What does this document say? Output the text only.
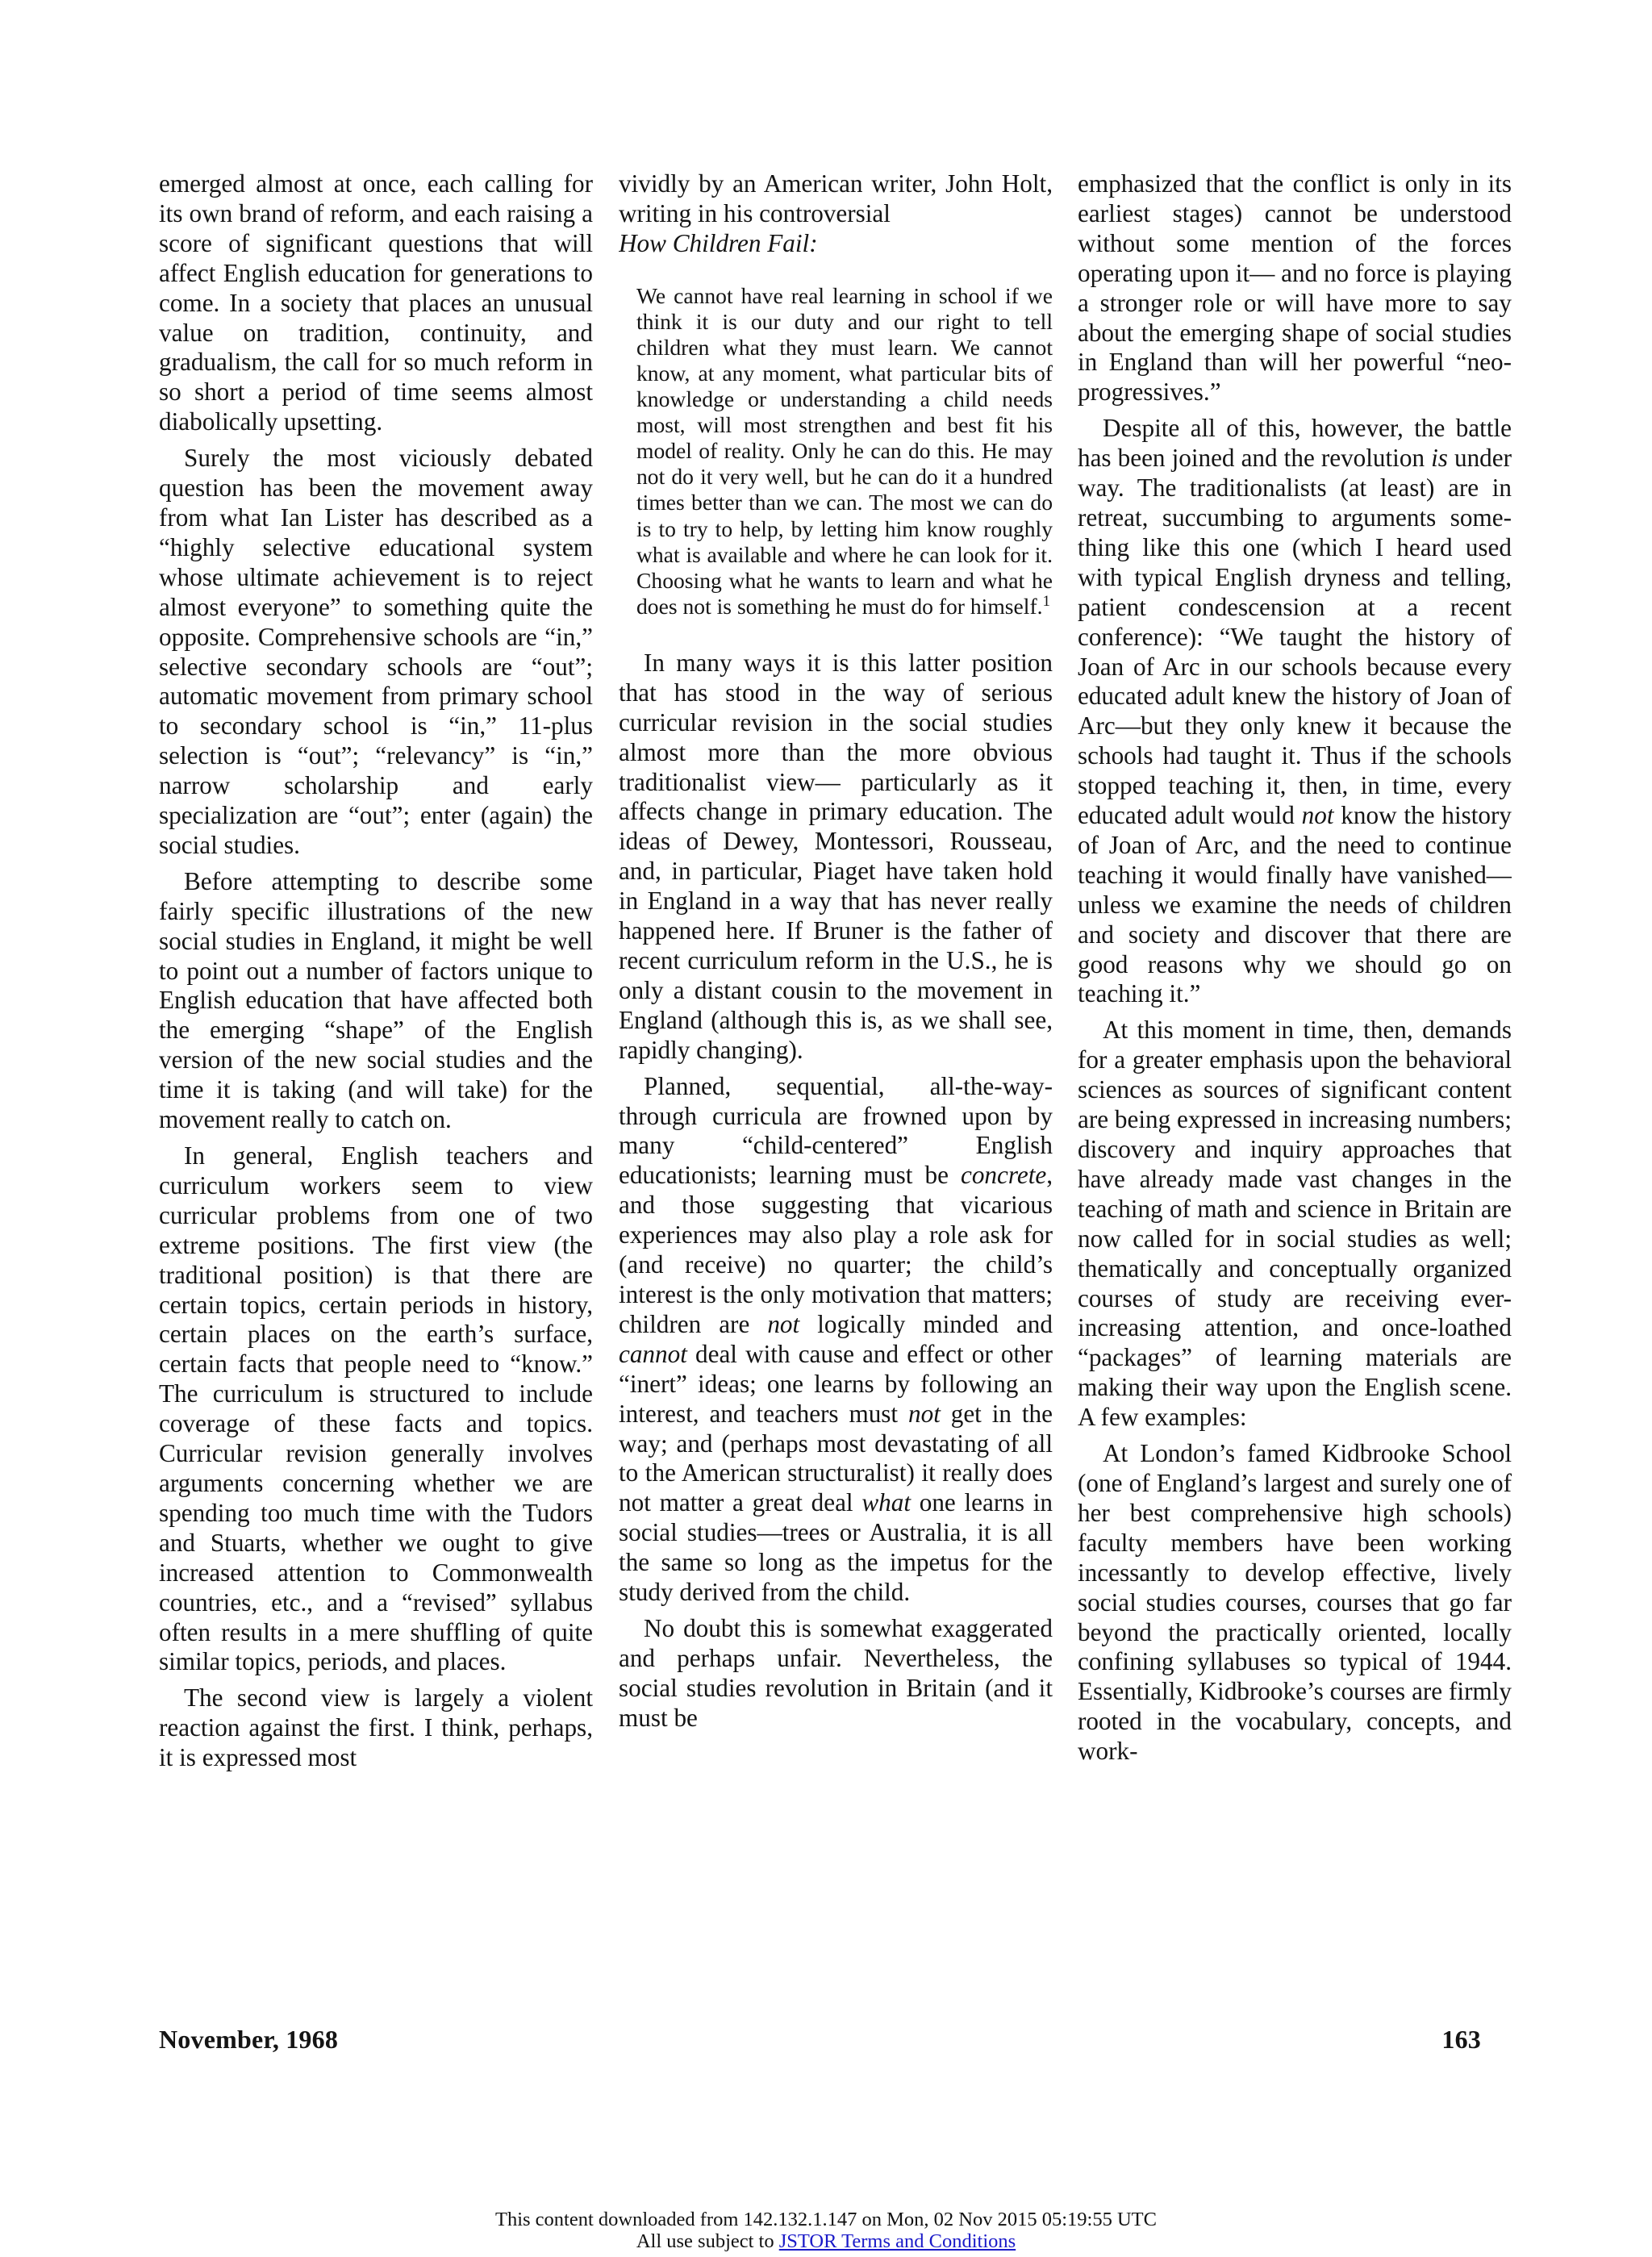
emerged almost at once, each calling for its own brand of reform, and each raising a score of significant questions that will affect English education for generations to come. In a society that places an unusual value on tradition, continuity, and gradualism, the call for so much reform in so short a period of time seems almost diabolically upsetting.

Surely the most viciously debated question has been the movement away from what Ian Lister has described as a “highly selective educational system whose ultimate achievement is to reject almost everyone” to something quite the opposite. Comprehensive schools are “in,” selective secondary schools are “out”; automatic movement from primary school to secondary school is “in,” 11-plus selection is “out”; “relevancy” is “in,” narrow scholarship and early specialization are “out”; enter (again) the social studies.

Before attempting to describe some fairly specific illustrations of the new social studies in England, it might be well to point out a number of factors unique to English education that have affected both the emerging “shape” of the English version of the new social studies and the time it is taking (and will take) for the movement really to catch on.

In general, English teachers and curriculum workers seem to view curricular problems from one of two extreme positions. The first view (the traditional position) is that there are certain topics, certain periods in history, certain places on the earth’s surface, certain facts that people need to “know.” The curriculum is structured to include coverage of these facts and topics. Curricular revision generally involves arguments concerning whether we are spending too much time with the Tudors and Stuarts, whether we ought to give increased attention to Commonwealth countries, etc., and a “revised” syllabus often results in a mere shuffling of quite similar topics, periods, and places.

The second view is largely a violent reaction against the first. I think, perhaps, it is expressed most

vividly by an American writer, John Holt, writing in his controversial

How Children Fail:

We cannot have real learning in school if we think it is our duty and our right to tell children what they must learn. We cannot know, at any moment, what particular bits of knowledge or understanding a child needs most, will most strengthen and best fit his model of reality. Only he can do this. He may not do it very well, but he can do it a hundred times better than we can. The most we can do is to try to help, by letting him know roughly what is available and where he can look for it. Choosing what he wants to learn and what he does not is something he must do for himself.$^1$

In many ways it is this latter position that has stood in the way of serious curricular revision in the social studies almost more than the more obvious traditionalist view— particularly as it affects change in primary education. The ideas of Dewey, Montessori, Rousseau, and, in particular, Piaget have taken hold in England in a way that has never really happened here. If Bruner is the father of recent curriculum reform in the U.S., he is only a distant cousin to the movement in England (although this is, as we shall see, rapidly changing).

Planned, sequential, all-the-way-through curricula are frowned upon by many “child-centered” English educationists; learning must be concrete, and those suggesting that vicarious experiences may also play a role ask for (and receive) no quarter; the child’s interest is the only motivation that matters; children are not logically minded and cannot deal with cause and effect or other “inert” ideas; one learns by following an interest, and teachers must not get in the way; and (perhaps most devastating of all to the American structuralist) it really does not matter a great deal what one learns in social studies—trees or Australia, it is all the same so long as the impetus for the study derived from the child.

No doubt this is somewhat exaggerated and perhaps unfair. Nevertheless, the social studies revolution in Britain (and it must be

emphasized that the conflict is only in its earliest stages) cannot be understood without some mention of the forces operating upon it— and no force is playing a stronger role or will have more to say about the emerging shape of social studies in England than will her powerful “neo-progressives.”

Despite all of this, however, the battle has been joined and the revolution is under way. The traditionalists (at least) are in retreat, succumbing to arguments something like this one (which I heard used with typical English dryness and telling, patient condescension at a recent conference): “We taught the history of Joan of Arc in our schools because every educated adult knew the history of Joan of Arc—but they only knew it because the schools had taught it. Thus if the schools stopped teaching it, then, in time, every educated adult would not know the history of Joan of Arc, and the need to continue teaching it would finally have vanished— unless we examine the needs of children and society and discover that there are good reasons why we should go on teaching it.”

At this moment in time, then, demands for a greater emphasis upon the behavioral sciences as sources of significant content are being expressed in increasing numbers; discovery and inquiry approaches that have already made vast changes in the teaching of math and science in Britain are now called for in social studies as well; thematically and conceptually organized courses of study are receiving ever-increasing attention, and once-loathed “packages” of learning materials are making their way upon the English scene. A few examples:

At London’s famed Kidbrooke School (one of England’s largest and surely one of her best comprehensive high schools) faculty members have been working incessantly to develop effective, lively social studies courses, courses that go far beyond the practically oriented, locally confining syllabuses so typical of 1944. Essentially, Kidbrooke’s courses are firmly rooted in the vocabulary, concepts, and work-

November, 1968	163
This content downloaded from 142.132.1.147 on Mon, 02 Nov 2015 05:19:55 UTC
All use subject to JSTOR Terms and Conditions
